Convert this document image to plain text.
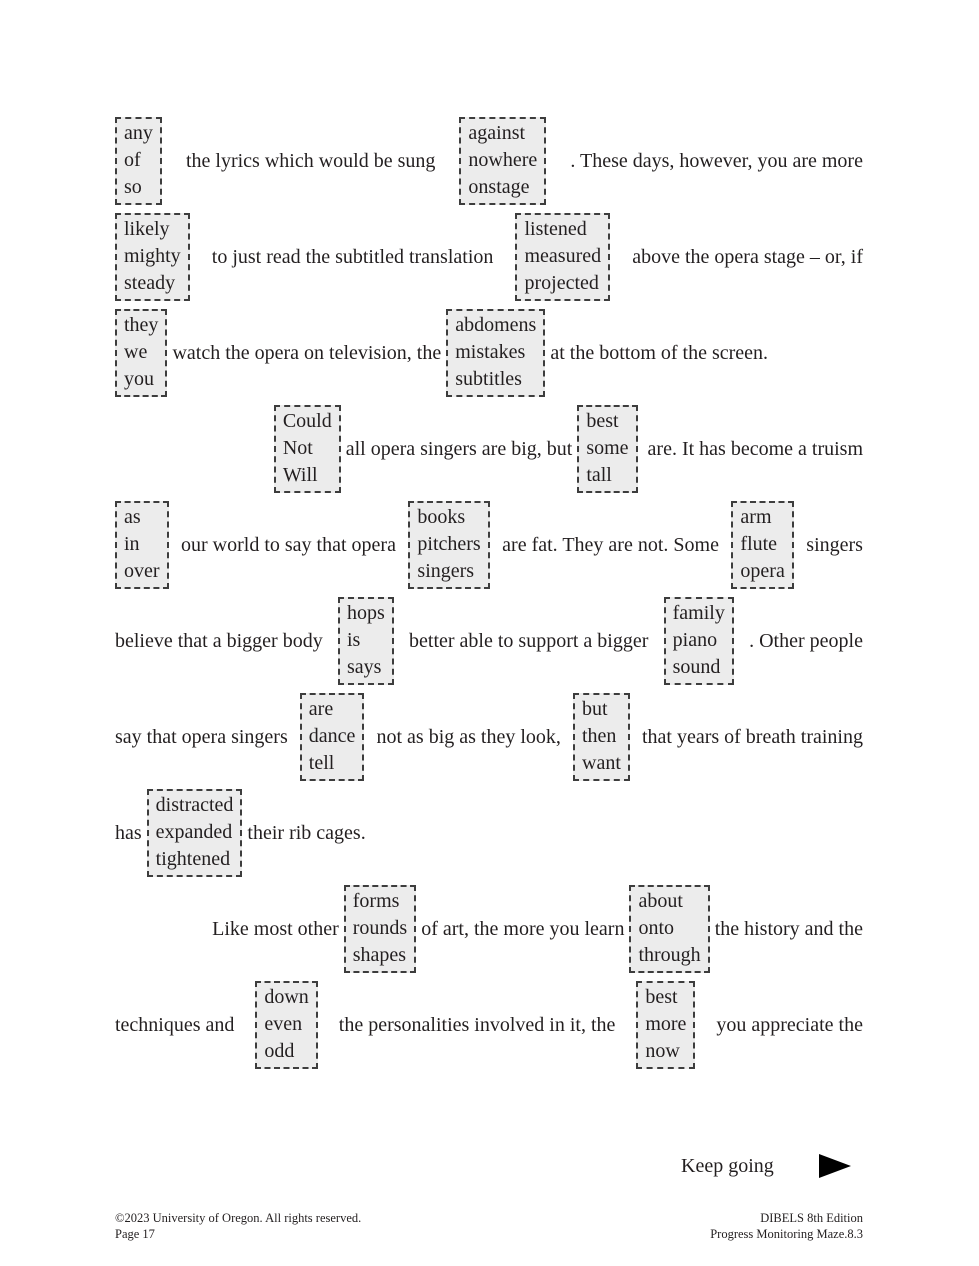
any
of
so
the lyrics which would be sung
against
nowhere
onstage
. These days, however, you are more
likely
mighty
steady
to just read the subtitled translation
listened
measured
projected
above the opera stage – or, if
they
we
you
watch the opera on television, the
abdomens
mistakes
subtitles
at the bottom of the screen.
Could
Not
Will
all opera singers are big, but
best
some
tall
are. It has become a truism
as
in
over
our world to say that opera
books
pitchers
singers
are fat. They are not. Some
arm
flute
opera
singers
believe that a bigger body
hops
is
says
better able to support a bigger
family
piano
sound
. Other people
say that opera singers
are
dance
tell
not as big as they look,
but
then
want
that years of breath training
has
distracted
expanded
tightened
their rib cages.
Like most other
forms
rounds
shapes
of art, the more you learn
about
onto
through
the history and the
techniques and
down
even
odd
the personalities involved in it, the
best
more
now
you appreciate the
Keep going
©2023 University of Oregon. All rights reserved.
Page 17
DIBELS 8th Edition
Progress Monitoring Maze.8.3
